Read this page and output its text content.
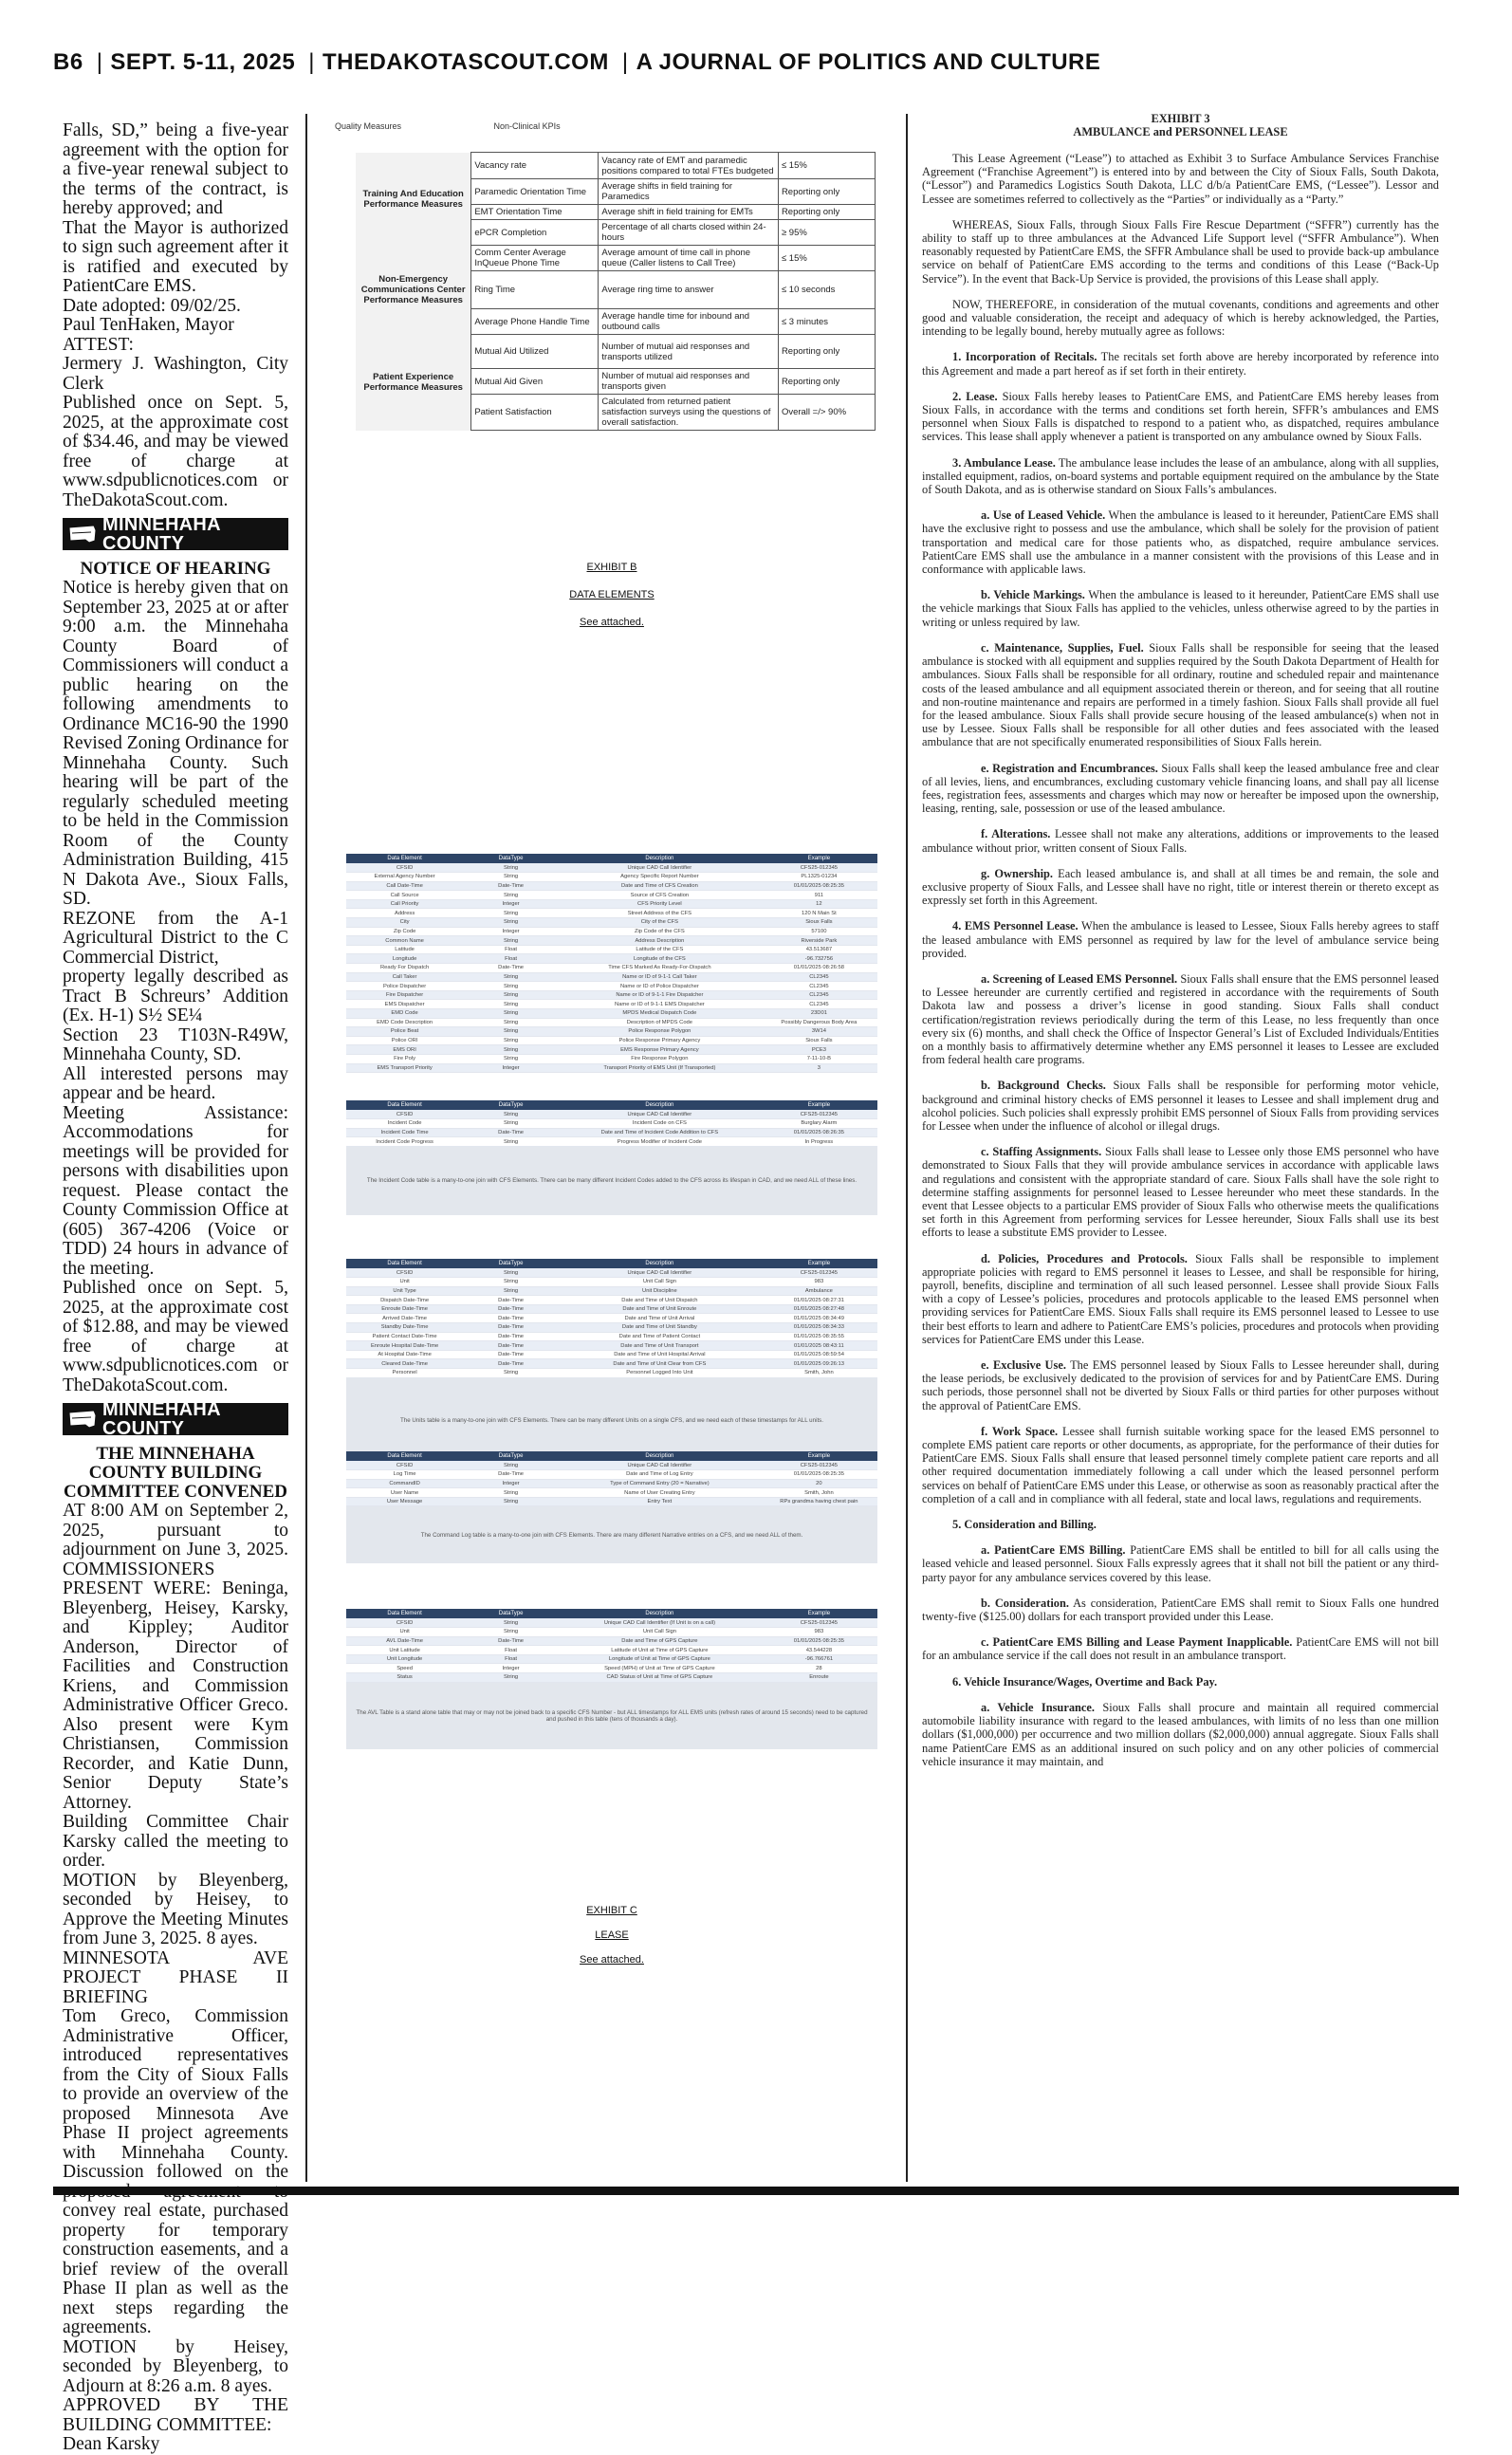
B6 | SEPT. 5-11, 2025 | THEDAKOTASCOUT.COM | A JOURNAL OF POLITICS AND CULTURE

Falls, SD,” being a five-year agreement with the option for a five-year renewal subject to the terms of the contract, is hereby approved; and

That the Mayor is authorized to sign such agreement after it is ratified and executed by PatientCare EMS.

Date adopted: 09/02/25.

Paul TenHaken, Mayor

ATTEST:

Jermery J. Washington, City Clerk

Published once on Sept. 5, 2025, at the approximate cost of $34.46, and may be viewed free of charge at www.sdpublicnotices.com or TheDakotaScout.com.

MINNEHAHA COUNTY
NOTICE OF HEARING

Notice is hereby given that on September 23, 2025 at or after 9:00 a.m. the Minnehaha County Board of Commissioners will conduct a public hearing on the following amendments to Ordinance MC16-90 the 1990 Revised Zoning Ordinance for Minnehaha County. Such hearing will be part of the regularly scheduled meeting to be held in the Commission Room of the County Administration Building, 415 N Dakota Ave., Sioux Falls, SD.

REZONE from the A-1 Agricultural District to the C Commercial District,

property legally described as Tract B Schreurs’ Addition (Ex. H-1) S½ SE¼

Section 23 T103N-R49W, Minnehaha County, SD.

All interested persons may appear and be heard.

Meeting Assistance: Accommodations for meetings will be provided for persons with disabilities upon request. Please contact the County Commission Office at (605) 367-4206 (Voice or TDD) 24 hours in advance of the meeting.

Published once on Sept. 5, 2025, at the approximate cost of $12.88, and may be viewed free of charge at www.sdpublicnotices.com or TheDakotaScout.com.

MINNEHAHA COUNTY
THE MINNEHAHA COUNTY BUILDING COMMITTEE CONVENED

AT 8:00 AM on September 2, 2025, pursuant to adjournment on June 3, 2025. COMMISSIONERS PRESENT WERE: Beninga, Bleyenberg, Heisey, Karsky, and Kippley; Auditor Anderson, Director of Facilities and Construction Kriens, and Commission Administrative Officer Greco. Also present were Kym Christiansen, Commission Recorder, and Katie Dunn, Senior Deputy State’s Attorney.

Building Committee Chair Karsky called the meeting to order.

MOTION by Bleyenberg, seconded by Heisey, to Approve the Meeting Minutes from June 3, 2025. 8 ayes.

MINNESOTA AVE PROJECT PHASE II BRIEFING

Tom Greco, Commission Administrative Officer, introduced representatives from the City of Sioux Falls to provide an overview of the proposed Minnesota Ave Phase II project agreements with Minnehaha County. Discussion followed on the convey real estate, purchased property for temporary construction easements, and a brief review of the overall Phase II plan as well as the next steps regarding the agreements.

MOTION by Heisey, seconded by Bleyenberg, to Adjourn at 8:26 a.m. 8 ayes.

APPROVED BY THE BUILDING COMMITTEE:

Dean Karsky

Quality Measures	Non-Clinical KPIs
Training And Education Performance Measures	Vacancy rate	Vacancy rate of EMT and paramedic positions compared to total FTEs budgeted	≤ 15%
	Paramedic Orientation Time	Average shifts in field training for Paramedics	Reporting only
	EMT Orientation Time	Average shift in field training for EMTs	Reporting only
	ePCR Completion	Percentage of all charts closed within 24-hours	≥ 95%
Non-Emergency Communications Center Performance Measures	Comm Center Average InQueue Phone Time	Average amount of time call in phone queue (Caller listens to Call Tree)	≤ 15%
	Ring Time	Average ring time to answer	≤ 10 seconds
	Average Phone Handle Time	Average handle time for inbound and outbound calls	≤ 3 minutes
Patient Experience Performance Measures	Mutual Aid Utilized	Number of mutual aid responses and transports utilized	Reporting only
	Mutual Aid Given	Number of mutual aid responses and transports given	Reporting only
	Patient Satisfaction	Calculated from returned patient satisfaction surveys using the questions of overall satisfaction.	Overall =/> 90%
EXHIBIT B
DATA ELEMENTS
See attached.
Data Element	DataType	Description	Example
CFSID	String	Unique CAD Call Identifier	CFS25-012345
External Agency Number	String	Agency Specific Report Number	PL1325-01234
Call Date-Time	Date-Time	Date and Time of CFS Creation	01/01/2025 08:25:35
Call Source	String	Source of CFS Creation	911
Call Priority	Integer	CFS Priority Level	12
Address	String	Street Address of the CFS	120 N Main St
City	String	City of the CFS	Sioux Falls
Zip Code	Integer	Zip Code of the CFS	57100
Common Name	String	Address Description	Riverside Park
Latitude	Float	Latitude of the CFS	43.513687
Longitude	Float	Longitude of the CFS	-96.732756
Ready For Dispatch	Date-Time	Time CFS Marked As Ready-For-Dispatch	01/01/2025 08:26:58
Call Taker	String	Name or ID of 9-1-1 Call Taker	CL2345
Police Dispatcher	String	Name or ID of Police Dispatcher	CL2345
Fire Dispatcher	String	Name or ID of 9-1-1 Fire Dispatcher	CL2345
EMS Dispatcher	String	Name or ID of 9-1-1 EMS Dispatcher	CL2345
EMD Code	String	MPDS Medical Dispatch Code	23D01
EMD Code Description	String	Description of MPDS Code	Possibly Dangerous Body Area
Police Beat	String	Police Response Polygon	3W14
Police ORI	String	Police Response Primary Agency	Sioux Falls
EMS ORI	String	EMS Response Primary Agency	PCE3
Fire Poly	String	Fire Response Polygon	7-11-10-B
EMS Transport Priority	Integer	Transport Priority of EMS Unit (If Transported)	3
Data Element	DataType	Description	Example
CFSID	String	Unique CAD Call Identifier	CFS25-012345
Incident Code	String	Incident Code on CFS	Burglary Alarm
Incident Code Time	Date-Time	Date and Time of Incident Code Addition to CFS	01/01/2025 08:26:35
Incident Code Progress	String	Progress Modifier of Incident Code	In Progress
The Incident Code table is a many-to-one join with CFS Elements. There can be many different Incident Codes added to the CFS across its lifespan in CAD, and we need ALL of these lines.
Data Element	DataType	Description	Example
CFSID	String	Unique CAD Call Identifier	CFS25-012345
Unit	String	Unit Call Sign	983
Unit Type	String	Unit Discipline	Ambulance
Dispatch Date-Time	Date-Time	Date and Time of Unit Dispatch	01/01/2025 08:27:31
Enroute Date-Time	Date-Time	Date and Time of Unit Enroute	01/01/2025 08:27:48
Arrived Date-Time	Date-Time	Date and Time of Unit Arrival	01/01/2025 08:34:49
Standby Date-Time	Date-Time	Date and Time of Unit Standby	01/01/2025 08:34:33
Patient Contact Date-Time	Date-Time	Date and Time of Patient Contact	01/01/2025 08:35:55
Enroute Hospital Date-Time	Date-Time	Date and Time of Unit Transport	01/01/2025 08:43:11
At Hospital Date-Time	Date-Time	Date and Time of Unit Hospital Arrival	01/01/2025 08:59:54
Cleared Date-Time	Date-Time	Date and Time of Unit Clear from CFS	01/01/2025 09:26:13
Personnel	String	Personnel Logged Into Unit	Smith, John
The Units table is a many-to-one join with CFS Elements. There can be many different Units on a single CFS, and we need each of these timestamps for ALL units.
Data Element	DataType	Description	Example
CFSID	String	Unique CAD Call Identifier	CFS25-012345
Log Time	Date-Time	Date and Time of Log Entry	01/01/2025 08:25:35
CommandID	Integer	Type of Command Entry (20 = Narrative)	20
User Name	String	Name of User Creating Entry	Smith, John
User Message	String	Entry Text	RPs grandma having chest pain
The Command Log table is a many-to-one join with CFS Elements. There are many different Narrative entries on a CFS, and we need ALL of them.
Data Element	DataType	Description	Example
CFSID	String	Unique CAD Call Identifier (If Unit is on a call)	CFS25-012345
Unit	String	Unit Call Sign	983
AVL Date-Time	Date-Time	Date and Time of GPS Capture	01/01/2025 08:25:35
Unit Latitude	Float	Latitude of Unit at Time of GPS Capture	43.544228
Unit Longitude	Float	Longitude of Unit at Time of GPS Capture	-96.766761
Speed	Integer	Speed (MPH) of Unit at Time of GPS Capture	28
Status	String	CAD Status of Unit at Time of GPS Capture	Enroute
The AVL Table is a stand alone table that may or may not be joined back to a specific CFS Number - but ALL timestamps for ALL EMS units (refresh rates of around 15 seconds) need to be captured and pushed in this table (tens of thousands a day).
EXHIBIT C
LEASE
See attached.
EXHIBIT 3
AMBULANCE and PERSONNEL LEASE

This Lease Agreement (“Lease”) to attached as Exhibit 3 to Surface Ambulance Services Franchise Agreement (“Franchise Agreement”) is entered into by and between the City of Sioux Falls, South Dakota, (“Lessor”) and Paramedics Logistics South Dakota, LLC d/b/a PatientCare EMS, (“Lessee”). Lessor and Lessee are sometimes referred to collectively as the “Parties” or individually as a “Party.”

WHEREAS, Sioux Falls, through Sioux Falls Fire Rescue Department (“SFFR”) currently has the ability to staff up to three ambulances at the Advanced Life Support level (“SFFR Ambulance”). When reasonably requested by PatientCare EMS, the SFFR Ambulance shall be used to provide back-up ambulance service on behalf of PatientCare EMS according to the terms and conditions of this Lease (“Back-Up Service”). In the event that Back-Up Service is provided, the provisions of this Lease shall apply.

NOW, THEREFORE, in consideration of the mutual covenants, conditions and agreements and other good and valuable consideration, the receipt and adequacy of which is hereby acknowledged, the Parties, intending to be legally bound, hereby mutually agree as follows:

1. Incorporation of Recitals. The recitals set forth above are hereby incorporated by reference into this Agreement and made a part hereof as if set forth in their entirety.

2. Lease. Sioux Falls hereby leases to PatientCare EMS, and PatientCare EMS hereby leases from Sioux Falls, in accordance with the terms and conditions set forth herein, SFFR’s ambulances and EMS personnel when Sioux Falls is dispatched to respond to a patient who, as dispatched, requires ambulance services. This lease shall apply whenever a patient is transported on any ambulance owned by Sioux Falls.

3. Ambulance Lease. The ambulance lease includes the lease of an ambulance, along with all supplies, installed equipment, radios, on-board systems and portable equipment required on the ambulance by the State of South Dakota, and as is otherwise standard on Sioux Falls’s ambulances.

a. Use of Leased Vehicle. When the ambulance is leased to it hereunder, PatientCare EMS shall have the exclusive right to possess and use the ambulance, which shall be solely for the provision of patient transportation and medical care for those patients who, as dispatched, require ambulance services. PatientCare EMS shall use the ambulance in a manner consistent with the provisions of this Lease and in conformance with applicable laws.

b. Vehicle Markings. When the ambulance is leased to it hereunder, PatientCare EMS shall use the vehicle markings that Sioux Falls has applied to the vehicles, unless otherwise agreed to by the parties in writing or unless required by law.

c. Maintenance, Supplies, Fuel. Sioux Falls shall be responsible for seeing that the leased ambulance is stocked with all equipment and supplies required by the South Dakota Department of Health for ambulances. Sioux Falls shall be responsible for all ordinary, routine and scheduled repair and maintenance costs of the leased ambulance and all equipment associated therein or thereon, and for seeing that all routine and non-routine maintenance and repairs are performed in a timely fashion. Sioux Falls shall provide all fuel for the leased ambulance. Sioux Falls shall provide secure housing of the leased ambulance(s) when not in use by Lessee. Sioux Falls shall be responsible for all other duties and fees associated with the leased ambulance that are not specifically enumerated responsibilities of Sioux Falls herein.

e. Registration and Encumbrances. Sioux Falls shall keep the leased ambulance free and clear of all levies, liens, and encumbrances, excluding customary vehicle financing loans, and shall pay all license fees, registration fees, assessments and charges which may now or hereafter be imposed upon the ownership, leasing, renting, sale, possession or use of the leased ambulance.

f. Alterations. Lessee shall not make any alterations, additions or improvements to the leased ambulance without prior, written consent of Sioux Falls.

g. Ownership. Each leased ambulance is, and shall at all times be and remain, the sole and exclusive property of Sioux Falls, and Lessee shall have no right, title or interest therein or thereto except as expressly set forth in this Agreement.

4. EMS Personnel Lease. When the ambulance is leased to Lessee, Sioux Falls hereby agrees to staff the leased ambulance with EMS personnel as required by law for the level of ambulance service being provided.

a. Screening of Leased EMS Personnel. Sioux Falls shall ensure that the EMS personnel leased to Lessee hereunder are currently certified and registered in accordance with the requirements of South Dakota law and possess a driver’s license in good standing. Sioux Falls shall conduct certification/registration reviews periodically during the term of this Lease, no less frequently than once every six (6) months, and shall check the Office of Inspector General’s List of Excluded Individuals/Entities on a monthly basis to affirmatively determine whether any EMS personnel it leases to Lessee are excluded from federal health care programs.

b. Background Checks. Sioux Falls shall be responsible for performing motor vehicle, background and criminal history checks of EMS personnel it leases to Lessee and shall implement drug and alcohol policies. Such policies shall expressly prohibit EMS personnel of Sioux Falls from providing services for Lessee when under the influence of alcohol or illegal drugs.

c. Staffing Assignments. Sioux Falls shall lease to Lessee only those EMS personnel who have demonstrated to Sioux Falls that they will provide ambulance services in accordance with applicable laws and regulations and consistent with the appropriate standard of care. Sioux Falls shall have the sole right to determine staffing assignments for personnel leased to Lessee hereunder who meet these standards. In the event that Lessee objects to a particular EMS provider of Sioux Falls who otherwise meets the qualifications set forth in this Agreement from performing services for Lessee hereunder, Sioux Falls shall use its best efforts to lease a substitute EMS provider to Lessee.

d. Policies, Procedures and Protocols. Sioux Falls shall be responsible to implement appropriate policies with regard to EMS personnel it leases to Lessee, and shall be responsible for hiring, payroll, benefits, discipline and termination of all such leased personnel. Lessee shall provide Sioux Falls with a copy of Lessee’s policies, procedures and protocols applicable to the leased EMS personnel when providing services for PatientCare EMS. Sioux Falls shall require its EMS personnel leased to Lessee to use their best efforts to learn and adhere to PatientCare EMS’s policies, procedures and protocols when providing services for PatientCare EMS under this Lease.

e. Exclusive Use. The EMS personnel leased by Sioux Falls to Lessee hereunder shall, during the lease periods, be exclusively dedicated to the provision of services for and by PatientCare EMS. During such periods, those personnel shall not be diverted by Sioux Falls or third parties for other purposes without the approval of PatientCare EMS.

f. Work Space. Lessee shall furnish suitable working space for the leased EMS personnel to complete EMS patient care reports or other documents, as appropriate, for the performance of their duties for PatientCare EMS. Sioux Falls shall ensure that leased personnel timely complete patient care reports and all other required documentation immediately following a call under which the leased personnel perform services on behalf of PatientCare EMS under this Lease, or otherwise as soon as reasonably practical after the completion of a call and in compliance with all federal, state and local laws, regulations and requirements.

5. Consideration and Billing.

a. PatientCare EMS Billing. PatientCare EMS shall be entitled to bill for all calls using the leased vehicle and leased personnel. Sioux Falls expressly agrees that it shall not bill the patient or any third-party payor for any ambulance services covered by this lease.

b. Consideration. As consideration, PatientCare EMS shall remit to Sioux Falls one hundred twenty-five ($125.00) dollars for each transport provided under this Lease.

c. PatientCare EMS Billing and Lease Payment Inapplicable. PatientCare EMS will not bill for an ambulance service if the call does not result in an ambulance transport.

6. Vehicle Insurance/Wages, Overtime and Back Pay.

a. Vehicle Insurance. Sioux Falls shall procure and maintain all required commercial automobile liability insurance with regard to the leased ambulances, with limits of no less than one million dollars ($1,000,000) per occurrence and two million dollars ($2,000,000) annual aggregate. Sioux Falls shall name PatientCare EMS as an additional insured on such policy and on any other policies of commercial vehicle insurance it may maintain, and
